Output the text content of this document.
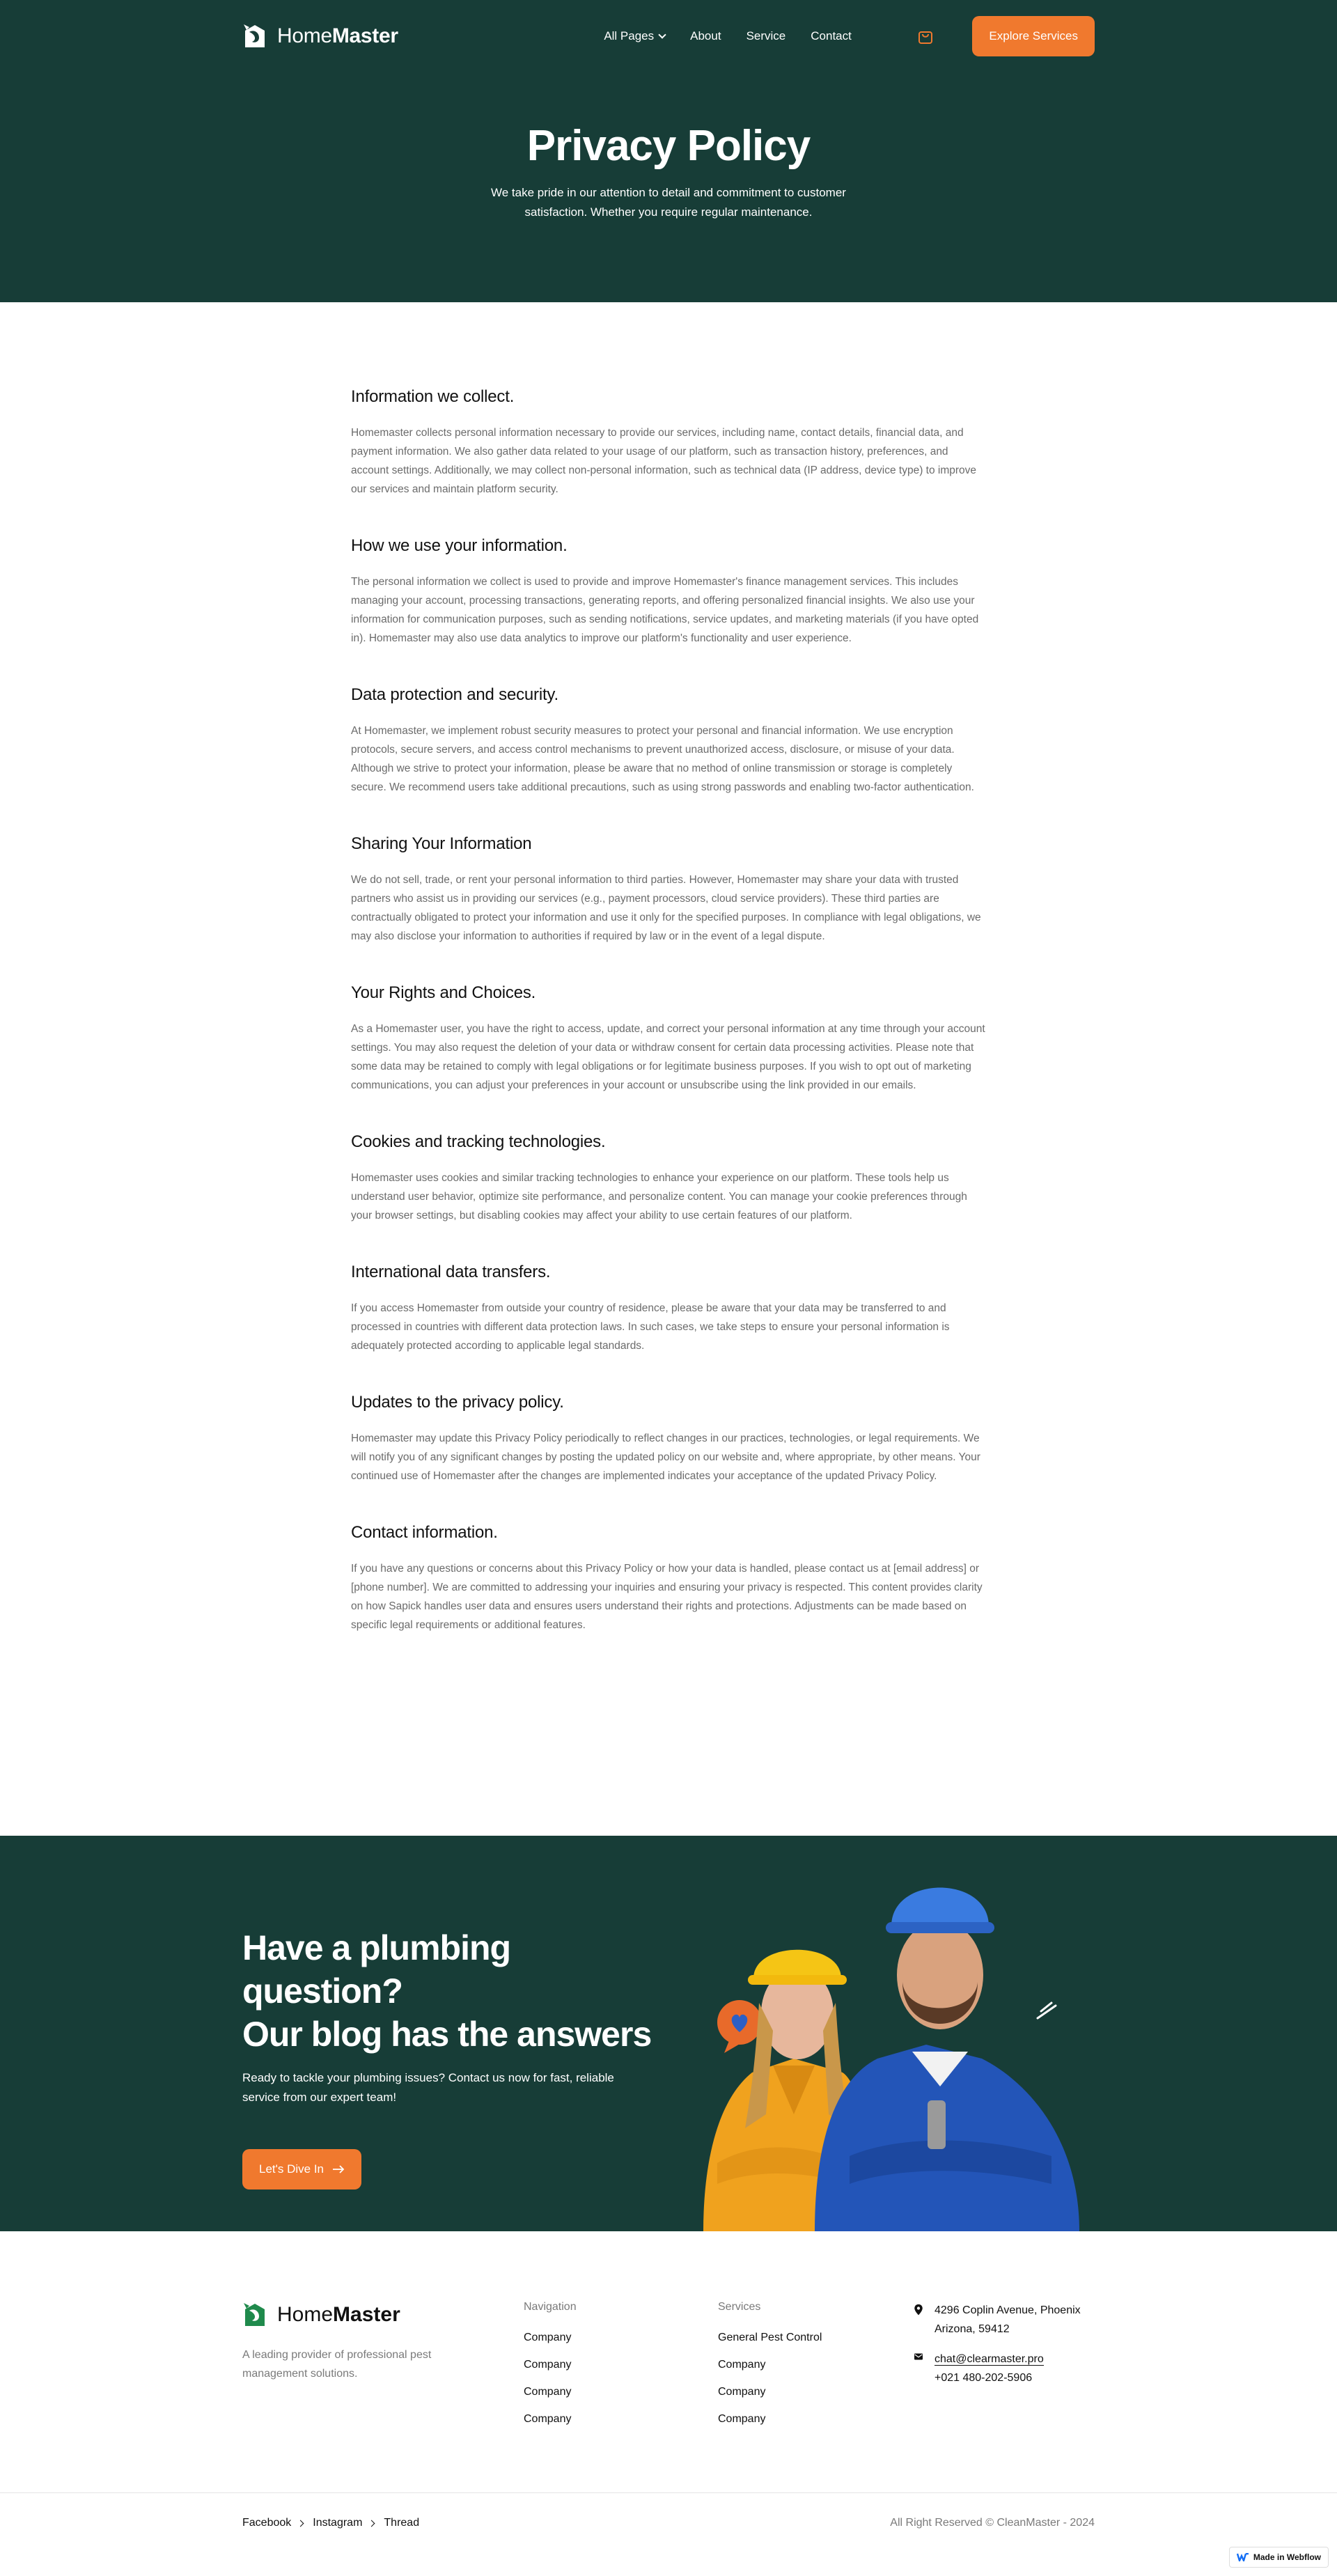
HomeMaster	All Pages	About Service Contact	Explore Services
Privacy Policy

We take pride in our attention to detail and commitment to customer satisfaction. Whether you require regular maintenance.

Information we collect.

Homemaster collects personal information necessary to provide our services, including name, contact details, financial data, and payment information. We also gather data related to your usage of our platform, such as transaction history, preferences, and account settings. Additionally, we may collect non-personal information, such as technical data (IP address, device type) to improve our services and maintain platform security.

How we use your information.

The personal information we collect is used to provide and improve Homemaster's finance management services. This includes managing your account, processing transactions, generating reports, and offering personalized financial insights. We also use your information for communication purposes, such as sending notifications, service updates, and marketing materials (if you have opted in). Homemaster may also use data analytics to improve our platform's functionality and user experience.

Data protection and security.

At Homemaster, we implement robust security measures to protect your personal and financial information. We use encryption protocols, secure servers, and access control mechanisms to prevent unauthorized access, disclosure, or misuse of your data. Although we strive to protect your information, please be aware that no method of online transmission or storage is completely secure. We recommend users take additional precautions, such as using strong passwords and enabling two-factor authentication.

Sharing Your Information

We do not sell, trade, or rent your personal information to third parties. However, Homemaster may share your data with trusted partners who assist us in providing our services (e.g., payment processors, cloud service providers). These third parties are contractually obligated to protect your information and use it only for the specified purposes. In compliance with legal obligations, we may also disclose your information to authorities if required by law or in the event of a legal dispute.

Your Rights and Choices.

As a Homemaster user, you have the right to access, update, and correct your personal information at any time through your account settings. You may also request the deletion of your data or withdraw consent for certain data processing activities. Please note that some data may be retained to comply with legal obligations or for legitimate business purposes. If you wish to opt out of marketing communications, you can adjust your preferences in your account or unsubscribe using the link provided in our emails.

Cookies and tracking technologies.

Homemaster uses cookies and similar tracking technologies to enhance your experience on our platform. These tools help us understand user behavior, optimize site performance, and personalize content. You can manage your cookie preferences through your browser settings, but disabling cookies may affect your ability to use certain features of our platform.

International data transfers.

If you access Homemaster from outside your country of residence, please be aware that your data may be transferred to and processed in countries with different data protection laws. In such cases, we take steps to ensure your personal information is adequately protected according to applicable legal standards.

Updates to the privacy policy.

Homemaster may update this Privacy Policy periodically to reflect changes in our practices, technologies, or legal requirements. We will notify you of any significant changes by posting the updated policy on our website and, where appropriate, by other means. Your continued use of Homemaster after the changes are implemented indicates your acceptance of the updated Privacy Policy.

Contact information.

If you have any questions or concerns about this Privacy Policy or how your data is handled, please contact us at [email address] or [phone number]. We are committed to addressing your inquiries and ensuring your privacy is respected. This content provides clarity on how Sapick handles user data and ensures users understand their rights and protections. Adjustments can be made based on specific legal requirements or additional features.

Have a plumbing question?
Our blog has the answers

Ready to tackle your plumbing issues? Contact us now for fast, reliable service from our expert team!

Let's Dive In
HomeMaster

A leading provider of professional pest management solutions.

Navigation
Company
Company
Company
Company
Services
General Pest Control
Company
Company
Company
4296 Coplin Avenue, Phoenix Arizona, 59412
chat@clearmaster.pro
+021 480-202-5906
Facebook Instagram Thread	All Right Reserved © CleanMaster - 2024
Made in Webflow
